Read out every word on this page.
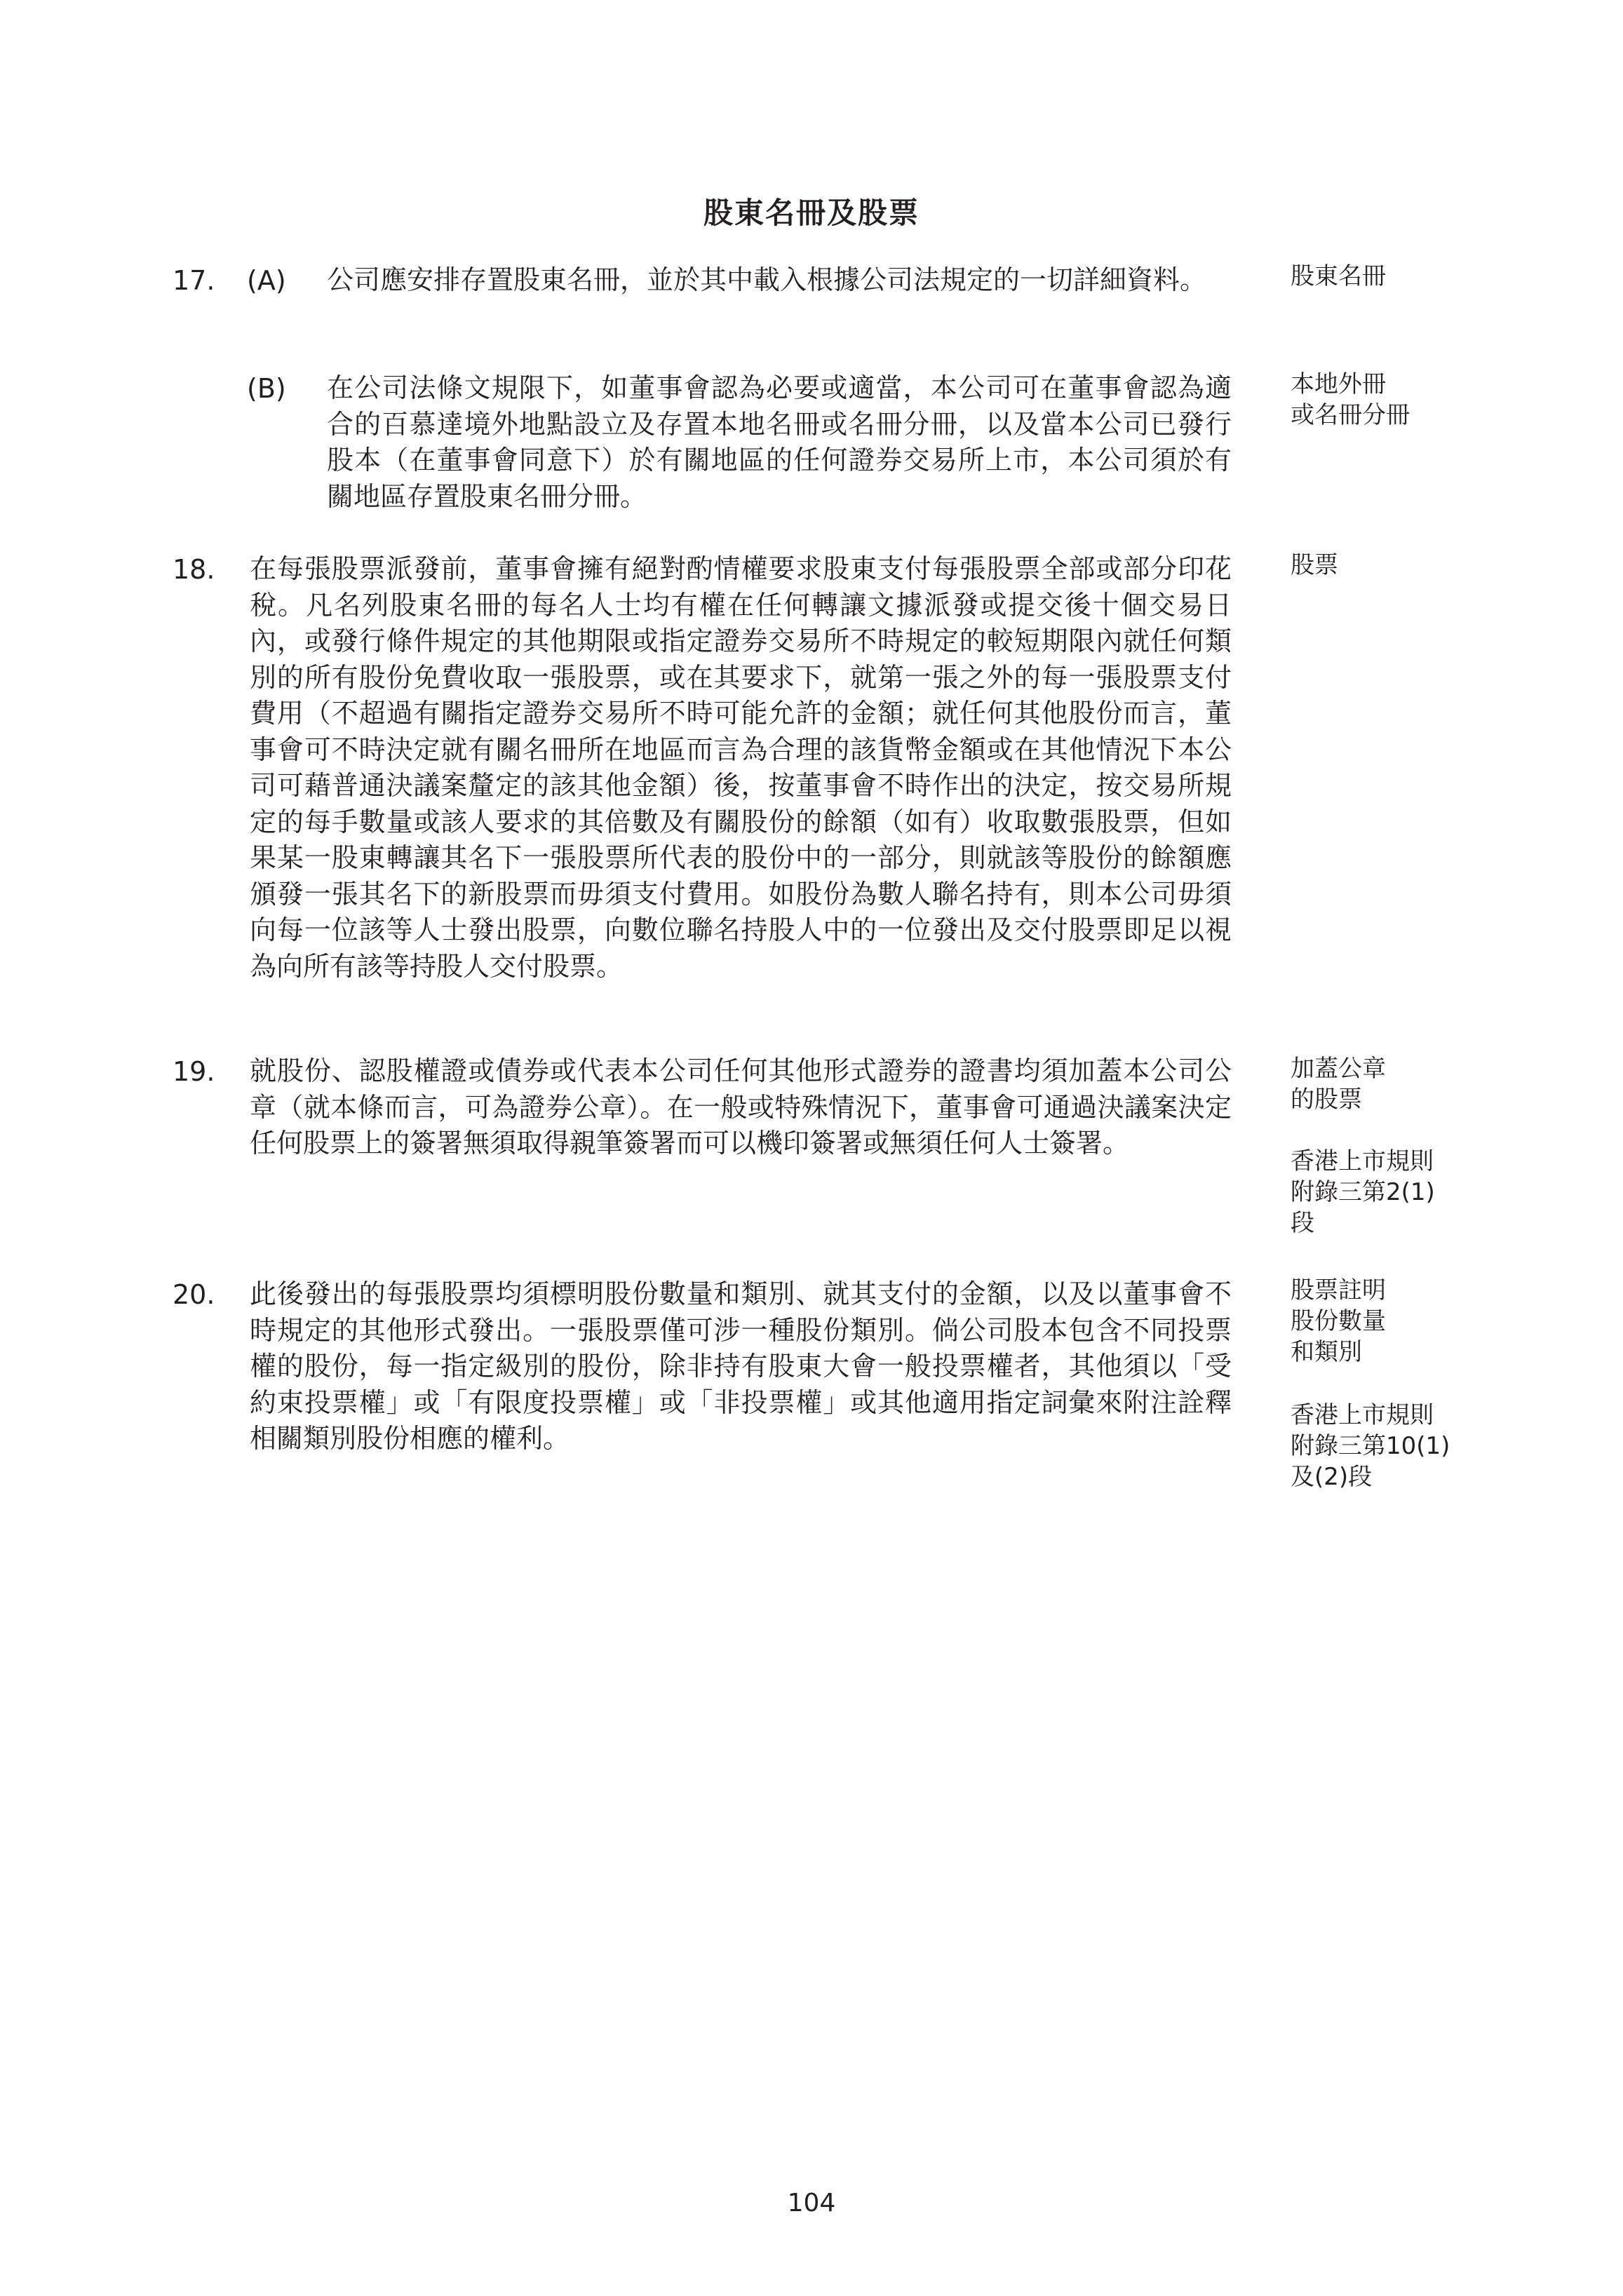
股東名冊及股票
17. (A) 公司應安排存置股東名冊，並於其中載入根據公司法規定的一切詳細資料。	股東名冊
(B) 在公司法條文規限下，如董事會認為必要或適當，本公司可在董事會認為適合的百慕達境外地點設立及存置本地名冊或名冊分冊，以及當本公司已發行股本（在董事會同意下）於有關地區的任何證券交易所上市，本公司須於有關地區存置股東名冊分冊。
本地外冊
或名冊分冊
18. 在每張股票派發前，董事會擁有絕對酌情權要求股東支付每張股票全部或部分印花稅。凡名列股東名冊的每名人士均有權在任何轉讓文據派發或提交後十個交易日內，或發行條件規定的其他期限或指定證券交易所不時規定的較短期限內就任何類別的所有股份免費收取一張股票，或在其要求下，就第一張之外的每一張股票支付費用（不超過有關指定證券交易所不時可能允許的金額；就任何其他股份而言，董事會可不時決定就有關名冊所在地區而言為合理的該貨幣金額或在其他情況下本公司可藉普通決議案釐定的該其他金額）後，按董事會不時作出的決定，按交易所規定的每手數量或該人要求的其倍數及有關股份的餘額（如有）收取數張股票，但如果某一股東轉讓其名下一張股票所代表的股份中的一部分，則就該等股份的餘額應頒發一張其名下的新股票而毋須支付費用。如股份為數人聯名持有，則本公司毋須向每一位該等人士發出股票，向數位聯名持股人中的一位發出及交付股票即足以視為向所有該等持股人交付股票。
股票
19. 就股份、認股權證或債券或代表本公司任何其他形式證券的證書均須加蓋本公司公章（就本條而言，可為證券公章）。在一般或特殊情況下，董事會可通過決議案決定任何股票上的簽署無須取得親筆簽署而可以機印簽署或無須任何人士簽署。
加蓋公章
的股票
香港上市規則
附錄三第2(1)
段
20. 此後發出的每張股票均須標明股份數量和類別、就其支付的金額，以及以董事會不時規定的其他形式發出。一張股票僅可涉一種股份類別。倘公司股本包含不同投票權的股份，每一指定級別的股份，除非持有股東大會一般投票權者，其他須以「受約束投票權」或「有限度投票權」或「非投票權」或其他適用指定詞彙來附注詮釋相關類別股份相應的權利。
股票註明
股份數量
和類別
香港上市規則
附錄三第10(1)
及(2)段
104
